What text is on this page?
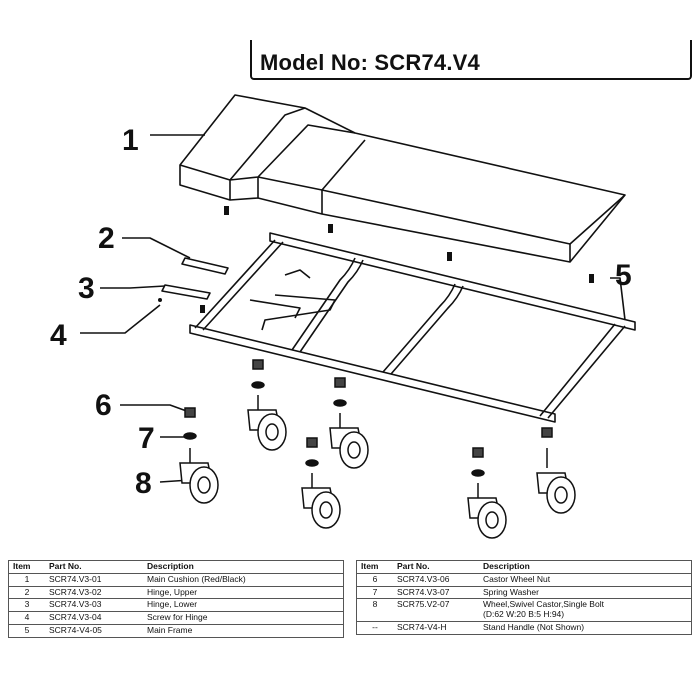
Model No: SCR74.V4
1
2
3
4
5
6
7
8
Item	Part No.	Description
1	SCR74.V3-01	Main Cushion (Red/Black)

2	SCR74.V3-02	Hinge, Upper

3	SCR74.V3-03	Hinge, Lower

4	SCR74.V3-04	Screw for Hinge

5	SCR74-V4-05	Main Frame
Item	Part No.	Description
6	SCR74.V3-06	Castor Wheel Nut

7	SCR74.V3-07	Spring Washer

8	SCR75.V2-07	Wheel,Swivel Castor,Single Bolt
(D:62 W:20 B:5 H:94)

--	SCR74-V4-H	Stand Handle (Not Shown)
